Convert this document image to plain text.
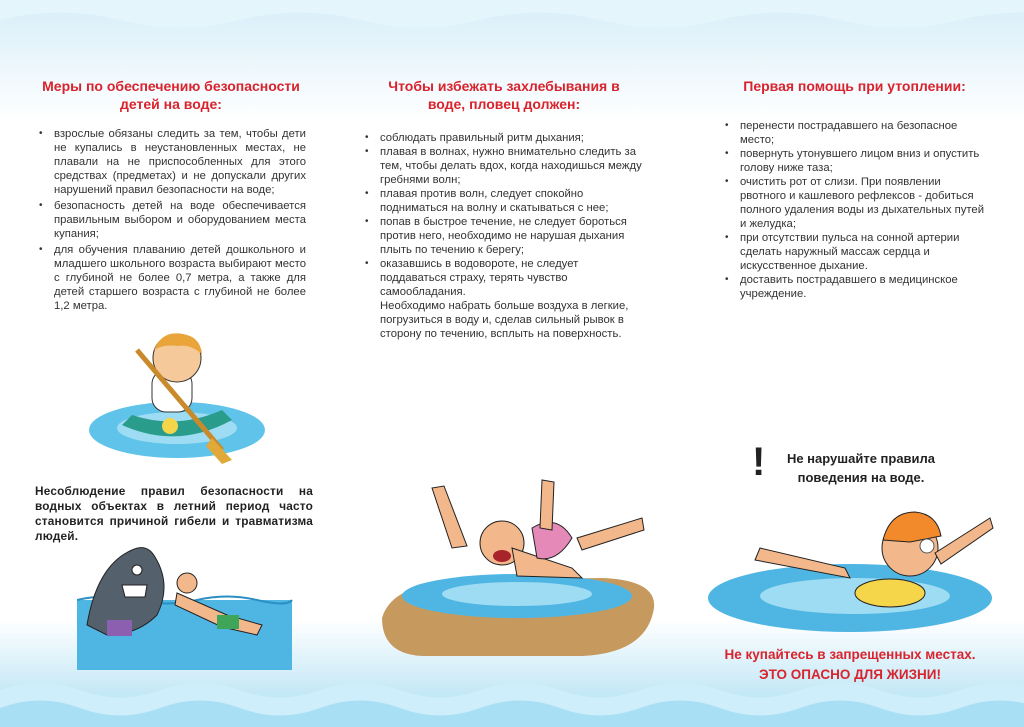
Меры по обеспечению безопасности
детей на воде:

• взрослые обязаны следить за тем, чтобы дети не купались в неустановленных местах, не плавали на не приспособленных для этого средствах (предметах) и не допускали других нарушений правил безопасности на воде;
• безопасность детей на воде обеспечивается правильным выбором и оборудованием места купания;
• для обучения плаванию детей дошкольного и младшего школьного возраста выбирают место с глубиной не более 0,7 метра, а также для детей старшего возраста с глубиной не более 1,2 метра.
Несоблюдение правил безопасности на водных объектах в летний период часто становится причиной гибели и травматизма людей.

Чтобы избежать захлебывания в
воде, пловец должен:

• соблюдать правильный ритм дыхания;
• плавая в волнах, нужно внимательно следить за тем, чтобы делать вдох, когда находишься между гребнями волн;
• плавая против волн, следует спокойно подниматься на волну и скатываться с нее;
• попав в быстрое течение, не следует бороться против него, необходимо не нарушая дыхания плыть по течению к берегу;
• оказавшись в водовороте, не следует поддаваться страху, терять чувство самообладания.
Необходимо набрать больше воздуха в легкие, погрузиться в воду и, сделав сильный рывок в сторону по течению, всплыть на поверхность.

Первая помощь при утоплении:

• перенести пострадавшего на безопасное место;
• повернуть утонувшего лицом вниз и опустить голову ниже таза;
• очистить рот от слизи. При появлении рвотного и кашлевого рефлексов - добиться полного удаления воды из дыхательных путей и желудка;
• при отсутствии пульса на сонной артерии сделать наружный массаж сердца и искусственное дыхание.
• доставить пострадавшего в медицинское учреждение.
!	Не нарушайте правила
поведения на воде.
Не купайтесь в запрещенных местах.
ЭТО ОПАСНО ДЛЯ ЖИЗНИ!
